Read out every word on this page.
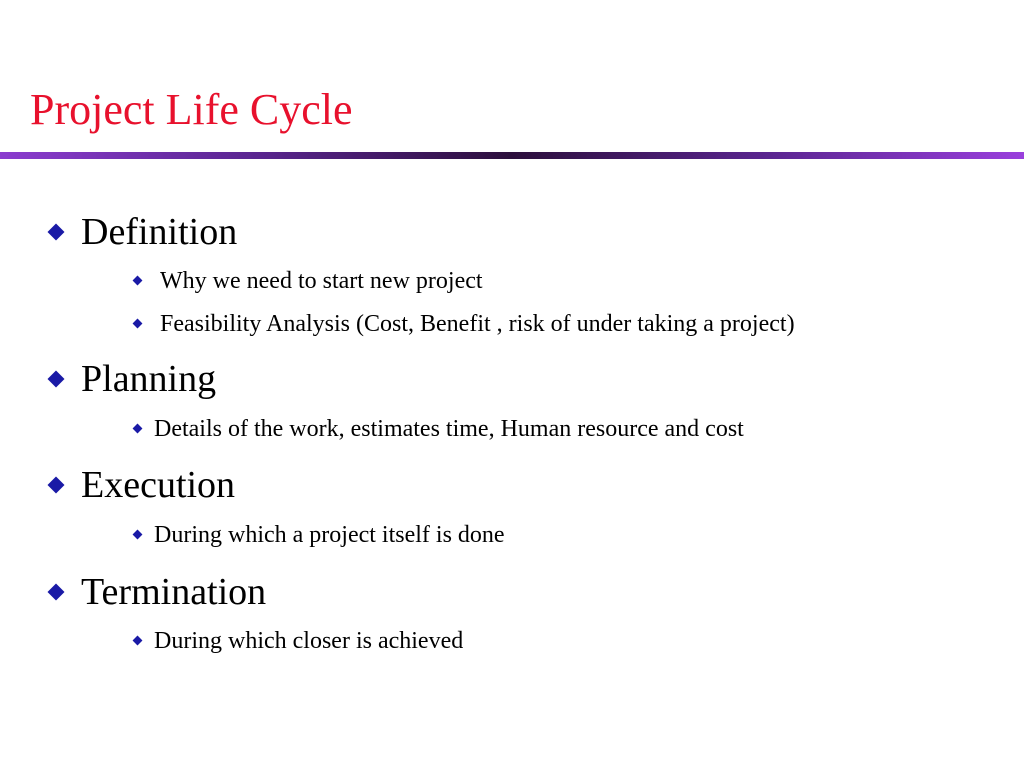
Project Life Cycle
Definition
Why we need to start new project
Feasibility Analysis (Cost, Benefit , risk of under taking a project)
Planning
Details of the work, estimates time, Human resource and cost
Execution
During which a project itself is done
Termination
During which closer is achieved
